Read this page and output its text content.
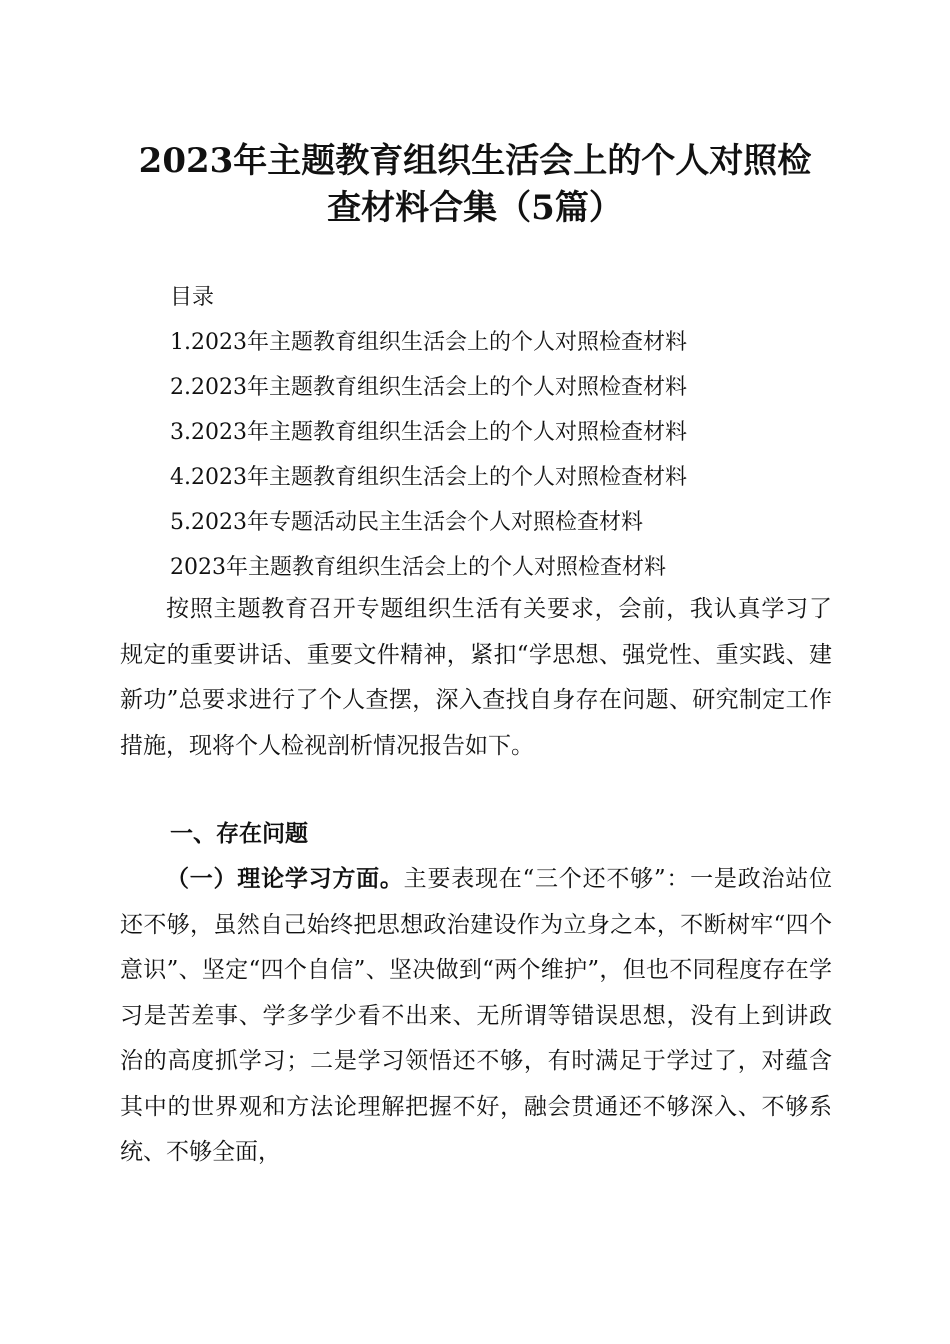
2023年主题教育组织生活会上的个人对照检
查材料合集（5篇）
目录
1.2023年主题教育组织生活会上的个人对照检查材料
2.2023年主题教育组织生活会上的个人对照检查材料
3.2023年主题教育组织生活会上的个人对照检查材料
4.2023年主题教育组织生活会上的个人对照检查材料
5.2023年专题活动民主生活会个人对照检查材料
2023年主题教育组织生活会上的个人对照检查材料

按照主题教育召开专题组织生活有关要求，会前，我认真学习了规定的重要讲话、重要文件精神，紧扣“学思想、强党性、重实践、建新功”总要求进行了个人查摆，深入查找自身存在问题、研究制定工作措施，现将个人检视剖析情况报告如下。

一、存在问题

（一）理论学习方面。主要表现在“三个还不够”：一是政治站位还不够，虽然自己始终把思想政治建设作为立身之本，不断树牢“四个意识”、坚定“四个自信”、坚决做到“两个维护”，但也不同程度存在学习是苦差事、学多学少看不出来、无所谓等错误思想，没有上到讲政治的高度抓学习；二是学习领悟还不够，有时满足于学过了，对蕴含其中的世界观和方法论理解把握不好，融会贯通还不够深入、不够系统、不够全面，
